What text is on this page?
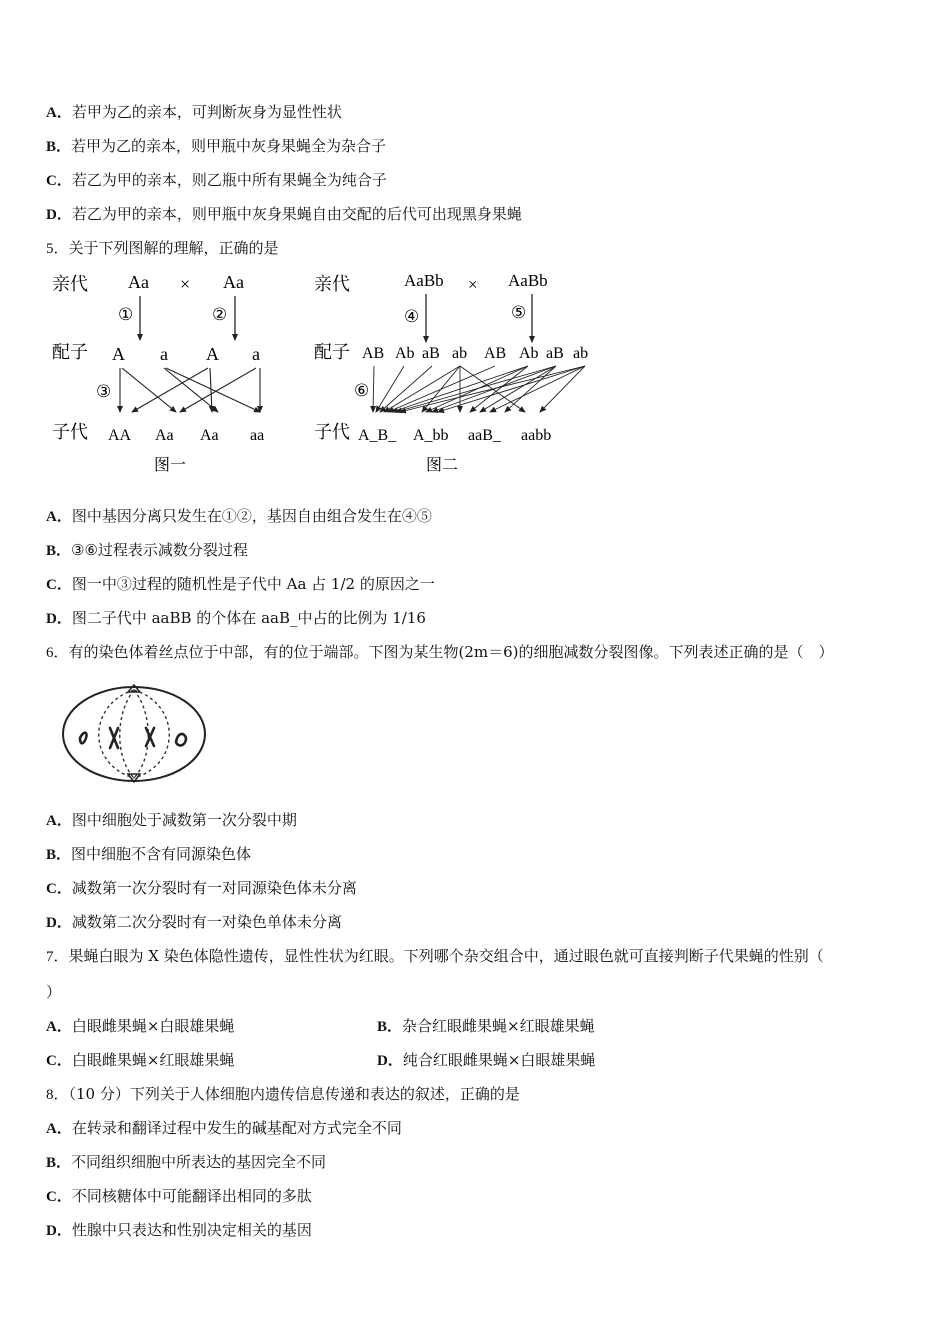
A．若甲为乙的亲本，可判断灰身为显性性状
B．若甲为乙的亲本，则甲瓶中灰身果蝇全为杂合子
C．若乙为甲的亲本，则乙瓶中所有果蝇全为纯合子
D．若乙为甲的亲本，则甲瓶中灰身果蝇自由交配的后代可出现黑身果蝇
5．关于下列图解的理解，正确的是
亲代
配子
子代
Aa × Aa
①	②
③
A a A a
AA Aa Aa aa
图一
亲代
配子
子代
AaBb × AaBb
④	⑤
⑥
AB Ab aB ab AB Ab aB ab
A_B_ A_bb aaB_ aabb
图二
A．图中基因分离只发生在①②，基因自由组合发生在④⑤
B．③⑥过程表示减数分裂过程
C．图一中③过程的随机性是子代中 Aa 占 1/2 的原因之一
D．图二子代中 aaBB 的个体在 aaB_中占的比例为 1/16
6．有的染色体着丝点位于中部，有的位于端部。下图为某生物(2m＝6)的细胞减数分裂图像。下列表述正确的是（　）
A．图中细胞处于减数第一次分裂中期
B．图中细胞不含有同源染色体
C．减数第一次分裂时有一对同源染色体未分离
D．减数第二次分裂时有一对染色单体未分离
7．果蝇白眼为 X 染色体隐性遗传，显性性状为红眼。下列哪个杂交组合中，通过眼色就可直接判断子代果蝇的性别（
）
A．白眼雌果蝇×白眼雄果蝇	B．杂合红眼雌果蝇×红眼雄果蝇
C．白眼雌果蝇×红眼雄果蝇	D．纯合红眼雌果蝇×白眼雄果蝇
8．（10 分）下列关于人体细胞内遗传信息传递和表达的叙述，正确的是
A．在转录和翻译过程中发生的碱基配对方式完全不同
B．不同组织细胞中所表达的基因完全不同
C．不同核糖体中可能翻译出相同的多肽
D．性腺中只表达和性别决定相关的基因
